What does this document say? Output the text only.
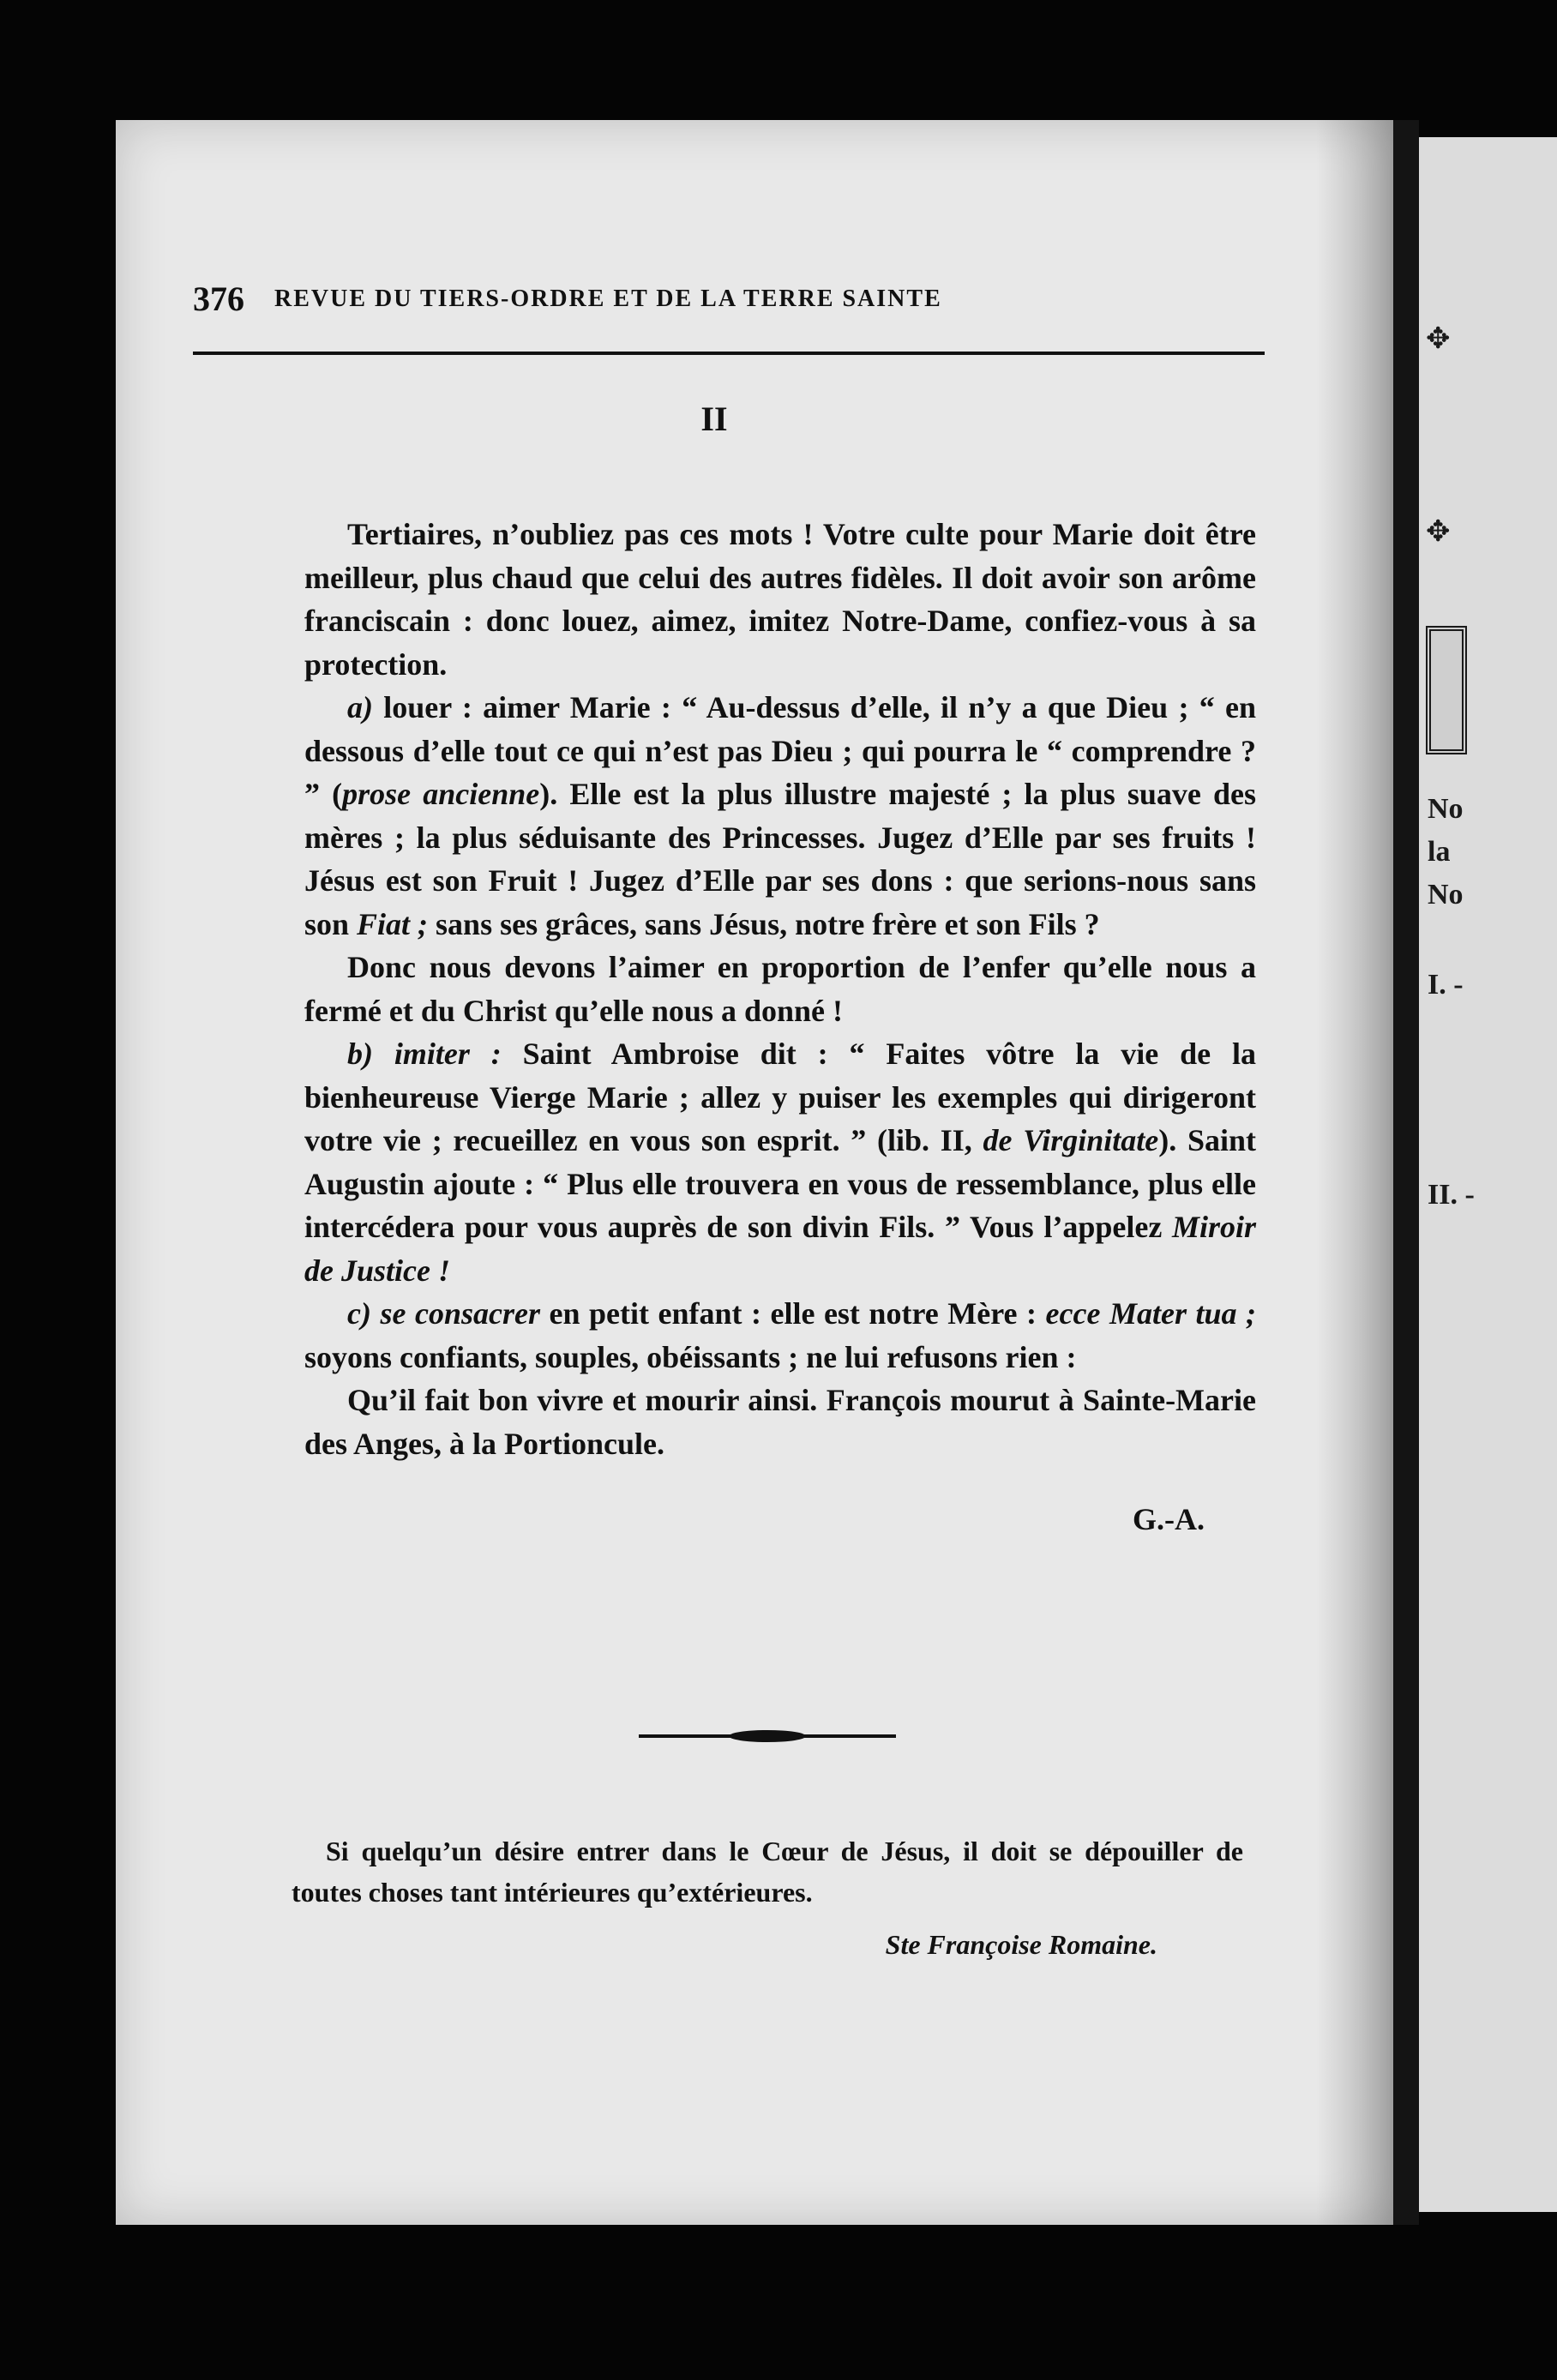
✥
✥
No
la
No
I. -
II. -
376 REVUE DU TIERS-ORDRE ET DE LA TERRE SAINTE
II

Tertiaires, n’oubliez pas ces mots ! Votre culte pour Marie doit être meilleur, plus chaud que celui des autres fidèles. Il doit avoir son arôme franciscain : donc louez, aimez, imitez Notre-Dame, confiez-vous à sa protection.

a) louer : aimer Marie : “ Au-dessus d’elle, il n’y a que Dieu ; “ en dessous d’elle tout ce qui n’est pas Dieu ; qui pourra le “ comprendre ? ” (prose ancienne). Elle est la plus illustre majesté ; la plus suave des mères ; la plus séduisante des Princesses. Jugez d’Elle par ses fruits ! Jésus est son Fruit ! Jugez d’Elle par ses dons : que serions-nous sans son Fiat ; sans ses grâces, sans Jésus, notre frère et son Fils ?

Donc nous devons l’aimer en proportion de l’enfer qu’elle nous a fermé et du Christ qu’elle nous a donné !

b) imiter : Saint Ambroise dit : “ Faites vôtre la vie de la bienheureuse Vierge Marie ; allez y puiser les exemples qui dirigeront votre vie ; recueillez en vous son esprit. ” (lib. II, de Virginitate). Saint Augustin ajoute : “ Plus elle trouvera en vous de ressemblance, plus elle intercédera pour vous auprès de son divin Fils. ” Vous l’appelez Miroir de Justice !

c) se consacrer en petit enfant : elle est notre Mère : ecce Mater tua ; soyons confiants, souples, obéissants ; ne lui refusons rien :

Qu’il fait bon vivre et mourir ainsi. François mourut à Sainte-Marie des Anges, à la Portioncule.

G.-A.

Si quelqu’un désire entrer dans le Cœur de Jésus, il doit se dépouiller de toutes choses tant intérieures qu’extérieures.

Ste Françoise Romaine.
